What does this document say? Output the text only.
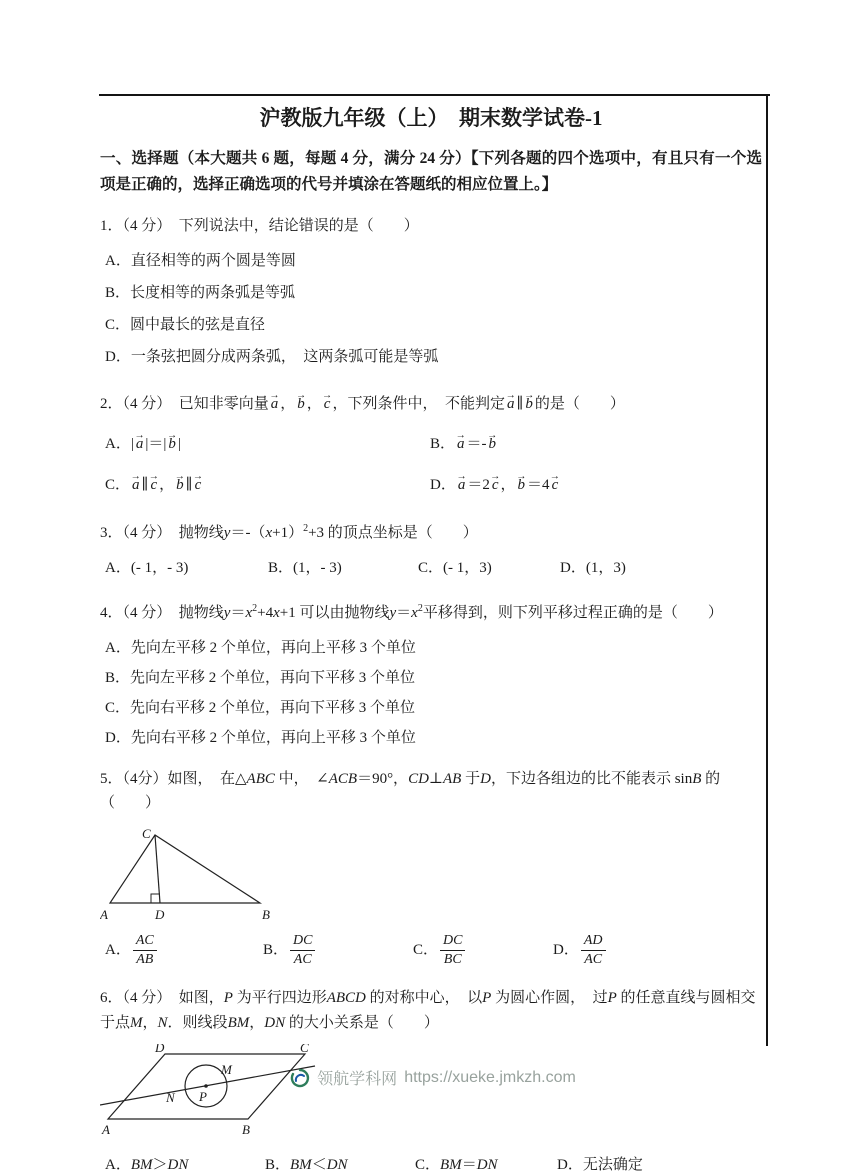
沪教版九年级（上）　期末数学试卷-1
一、选择题（本大题共 6 题，每题 4 分，满分 24 分）【下列各题的四个选项中，有且只有一个选项是正确的，选择正确选项的代号并填涂在答题纸的相应位置上。】
1．（4 分）　下列说法中，结论错误的是（　　）
A．直径相等的两个圆是等圆
B．长度相等的两条弧是等弧
C．圆中最长的弦是直径
D．一条弦把圆分成两条弧，　这两条弧可能是等弧
2．（4 分）　已知非零向量 a → ， b → ， c → ，下列条件中，　不能判定 a → ∥ b → 的是（　　）
A．| a → |＝| b → |	B． a → ＝- b →
C． a → ∥ c → ， b → ∥ c →	D． a → ＝2 c → ， b → ＝4 c →
3．（4 分）　抛物线$y=-(x+1)^2+3$ 的顶点坐标是（　　）
A．(- 1，- 3)	B．(1，- 3)	C．(- 1，3)	D．(1，3)
4．（4 分）　抛物线$y=x^2+4x+1$ 可以由抛物线$y=x^2$平移得到，则下列平移过程正确的是（　　）
A．先向左平移 2 个单位，再向上平移 3 个单位
B．先向左平移 2 个单位，再向下平移 3 个单位
C．先向右平移 2 个单位，再向下平移 3 个单位
D．先向右平移 2 个单位，再向上平移 3 个单位
5．（4分）如图，　在△ABC 中，　∠ACB＝90°，CD⊥AB 于D，下边各组边的比不能表示 sinB 的（　　）
C
A	D	B
A． $\frac{AC}{AB}$	B． $\frac{DC}{AC}$	C． $\frac{DC}{BC}$	D． $\frac{AD}{AC}$
6．（4 分）　如图，P 为平行四边形ABCD 的对称中心，　以P 为圆心作圆，　过P 的任意直线与圆相交于点M，N．则线段BM，DN 的大小关系是（　　）
D	C
A	B
M
N P
A．BM＞DN	B．BM＜DN	C．BM＝DN	D．无法确定
领航学科网 https://xueke.jmkzh.com
